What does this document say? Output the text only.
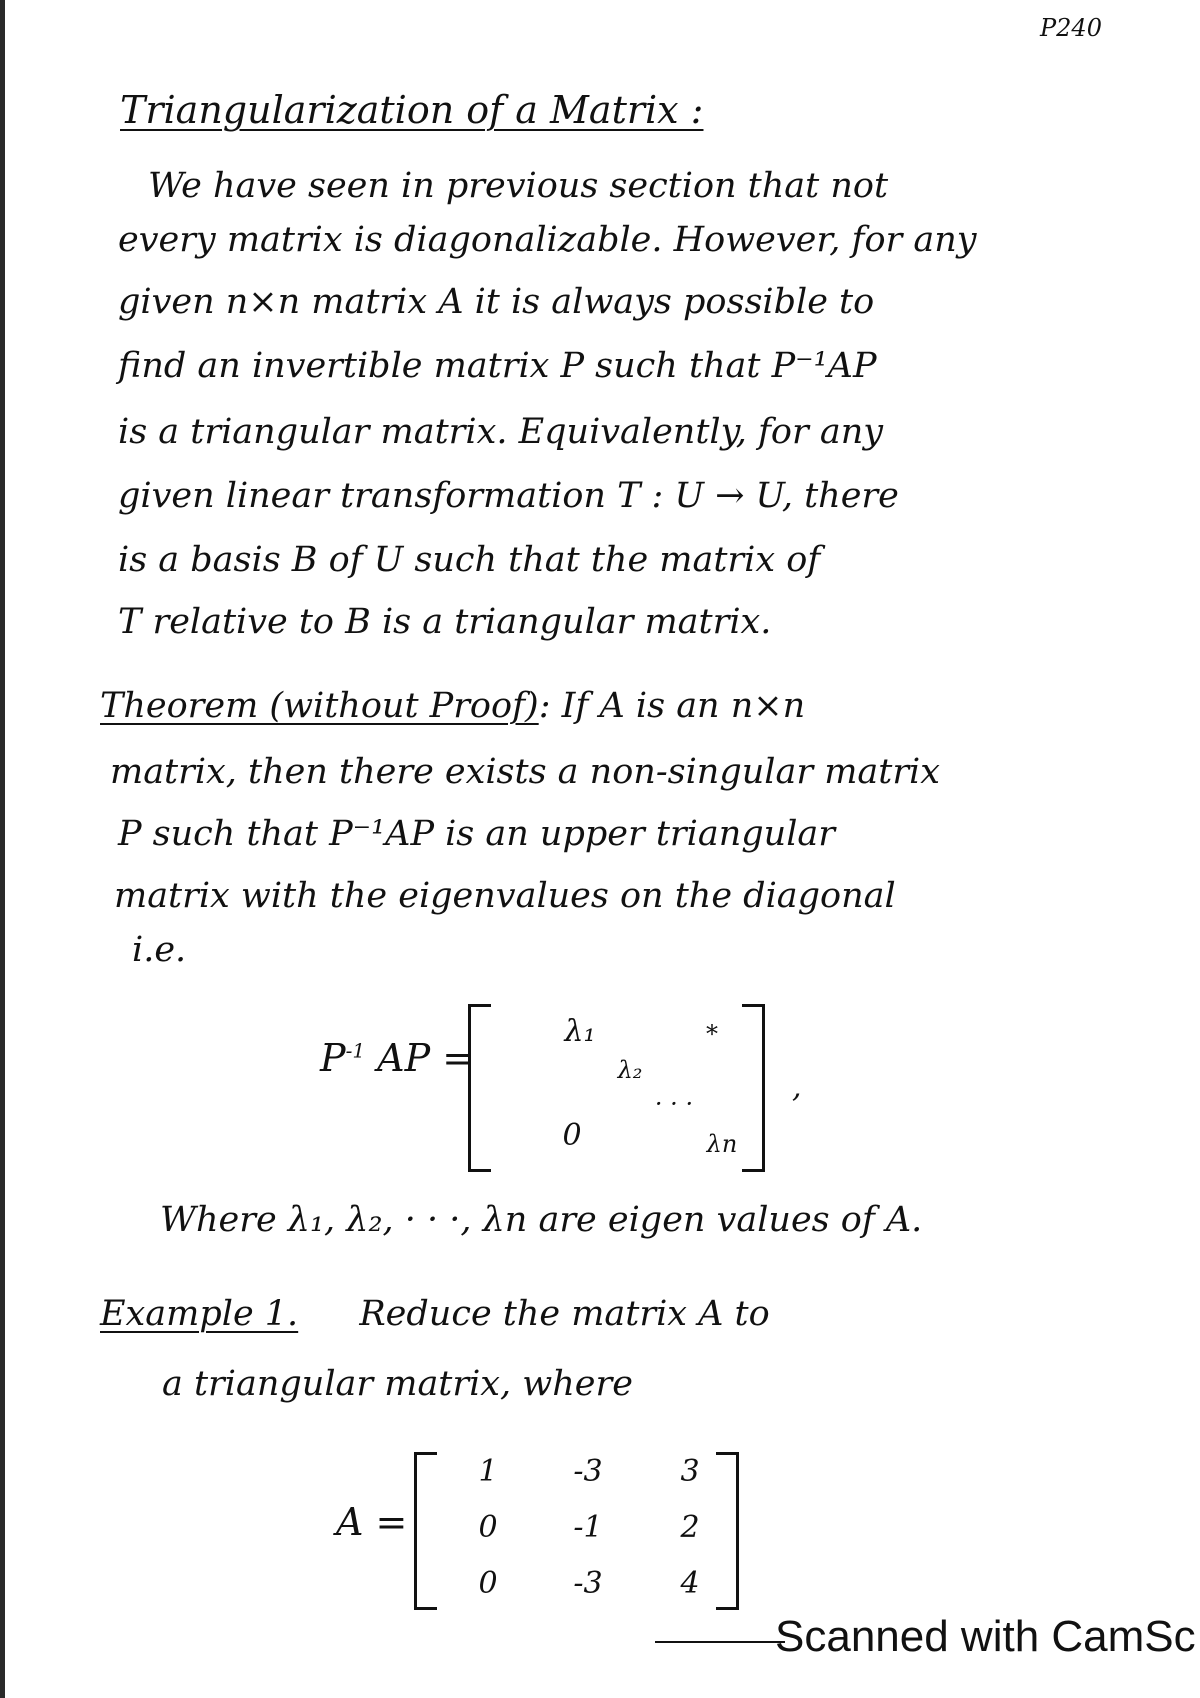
P240
Triangularization of a Matrix :
We have seen in previous section that not
every matrix is diagonalizable. However, for any
given n×n matrix A it is always possible to
find an invertible matrix P such that P⁻¹AP
is a triangular matrix. Equivalently, for any
given linear transformation T : U → U, there
is a basis B of U such that the matrix of
T relative to B is a triangular matrix.
Theorem (without Proof): If A is an n×n
matrix, then there exists a non-singular matrix
P such that P⁻¹AP is an upper triangular
matrix with the eigenvalues on the diagonal
i.e.
$P^{-1}$ AP =
λ₁	*
λ₂
· · ·
0	λn
,
Where λ₁, λ₂, · · ·, λn are eigen values of A.
Example 1. Reduce the matrix A to
a triangular matrix, where
A =
1	-3	3
0	-1	2
0	-3	4
Scanned with CamSc
